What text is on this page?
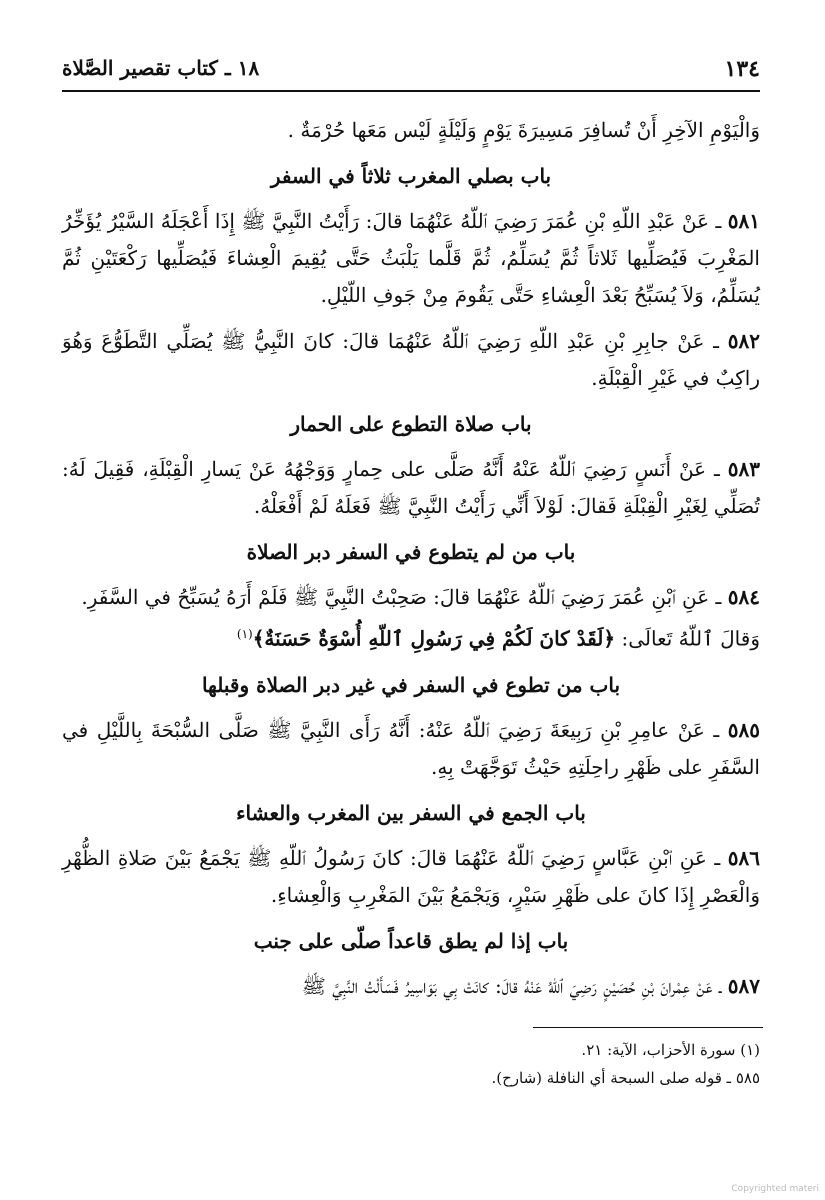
١٣٤
١٨ ـ كتاب تقصير الصَّلاة

وَالْيَوْمِ الآخِرِ أَنْ تُسافِرَ مَسِيرَةَ يَوْمٍ وَلَيْلَةٍ لَيْس مَعَها حُرْمَةٌ .

باب بصلي المغرب ثلاثاً في السفر

٥٨١ ـ عَنْ عَبْدِ اللّهِ بْنِ عُمَرَ رَضِيَ ٱللّهُ عَنْهُمَا قالَ: رَأَيْتُ النَّبِيَّ ﷺ إِذَا أَعْجَلَهُ السَّيْرُ يُؤَخِّرُ المَغْرِبَ فَيُصَلِّيها ثَلاثاً ثُمَّ يُسَلِّمُ، ثُمَّ قَلَّما يَلْبَثُ حَتَّى يُقِيمَ الْعِشاءَ فَيُصَلِّيها رَكْعَتَيْنِ ثُمَّ يُسَلِّمُ، وَلاَ يُسَبِّحُ بَعْدَ الْعِشاءِ حَتَّى يَقُومَ مِنْ جَوفِ اللّيْلِ.

٥٨٢ ـ عَنْ جابِرِ بْنِ عَبْدِ اللّهِ رَضِيَ ٱللّهُ عَنْهُمَا قالَ: كانَ النَّبِيُّ ﷺ يُصَلِّي التَّطَوُّعَ وَهُوَ راكِبٌ في غَيْرِ الْقِبْلَةِ.

باب صلاة التطوع على الحمار

٥٨٣ ـ عَنْ أَنَسٍ رَضِيَ ٱللّهُ عَنْهُ أَنَّهُ صَلَّى على حِمارٍ وَوَجْهُهُ عَنْ يَسارِ الْقِبْلَةِ، فَقِيلَ لَهُ: تُصَلِّي لِغَيْرِ الْقِبْلَةِ فَقالَ: لَوْلاَ أَنِّي رَأَيْتُ النَّبِيَّ ﷺ فَعَلَهُ لَمْ أَفْعَلْهُ.

باب من لم يتطوع في السفر دبر الصلاة

٥٨٤ ـ عَنِ ٱبْنِ عُمَرَ رَضِيَ ٱللّهُ عَنْهُمَا قالَ: صَحِبْتُ النَّبِيَّ ﷺ فَلَمْ أَرَهُ يُسَبِّحُ في السَّفَرِ.
وَقالَ ٱللّهُ تَعالَى: ﴿لَقَدْ كانَ لَكُمْ فِي رَسُولِ ٱللّهِ أُسْوَةٌ حَسَنَةٌ﴾$^{(١)}$

باب من تطوع في السفر في غير دبر الصلاة وقبلها

٥٨٥ ـ عَنْ عامِرِ بْنِ رَبِيعَةَ رَضِيَ ٱللّهُ عَنْهُ: أَنَّهُ رَأَى النَّبِيَّ ﷺ صَلَّى السُّبْحَةَ بِاللَّيْلِ في السَّفَرِ على ظَهْرِ راحِلَتِهِ حَيْثُ تَوَجَّهَتْ بِهِ.

باب الجمع في السفر بين المغرب والعشاء

٥٨٦ ـ عَنِ ٱبْنِ عَبَّاسٍ رَضِيَ ٱللّهُ عَنْهُمَا قالَ: كانَ رَسُولُ ٱللّهِ ﷺ يَجْمَعُ بَيْنَ صَلاةِ الظُّهْرِ وَالْعَصْرِ إِذَا كانَ على ظَهْرِ سَيْرٍ، وَيَجْمَعُ بَيْنَ المَغْرِبِ وَالْعِشاءِ.

باب إذا لم يطق قاعداً صلّى على جنب

٥٨٧ ـ عَنْ عِمْرانَ بْنِ حُصَيْنٍ رَضِيَ ٱللّهُ عَنْهُ قالَ: كانَتْ بِي بَوَاسِيرُ فَسَأَلْتُ النَّبِيَّ ﷺ

(١) سورة الأحزاب، الآية: ٢١.

٥٨٥ ـ قوله صلى السبحة أي النافلة (شارح).

Copyrighted materi
